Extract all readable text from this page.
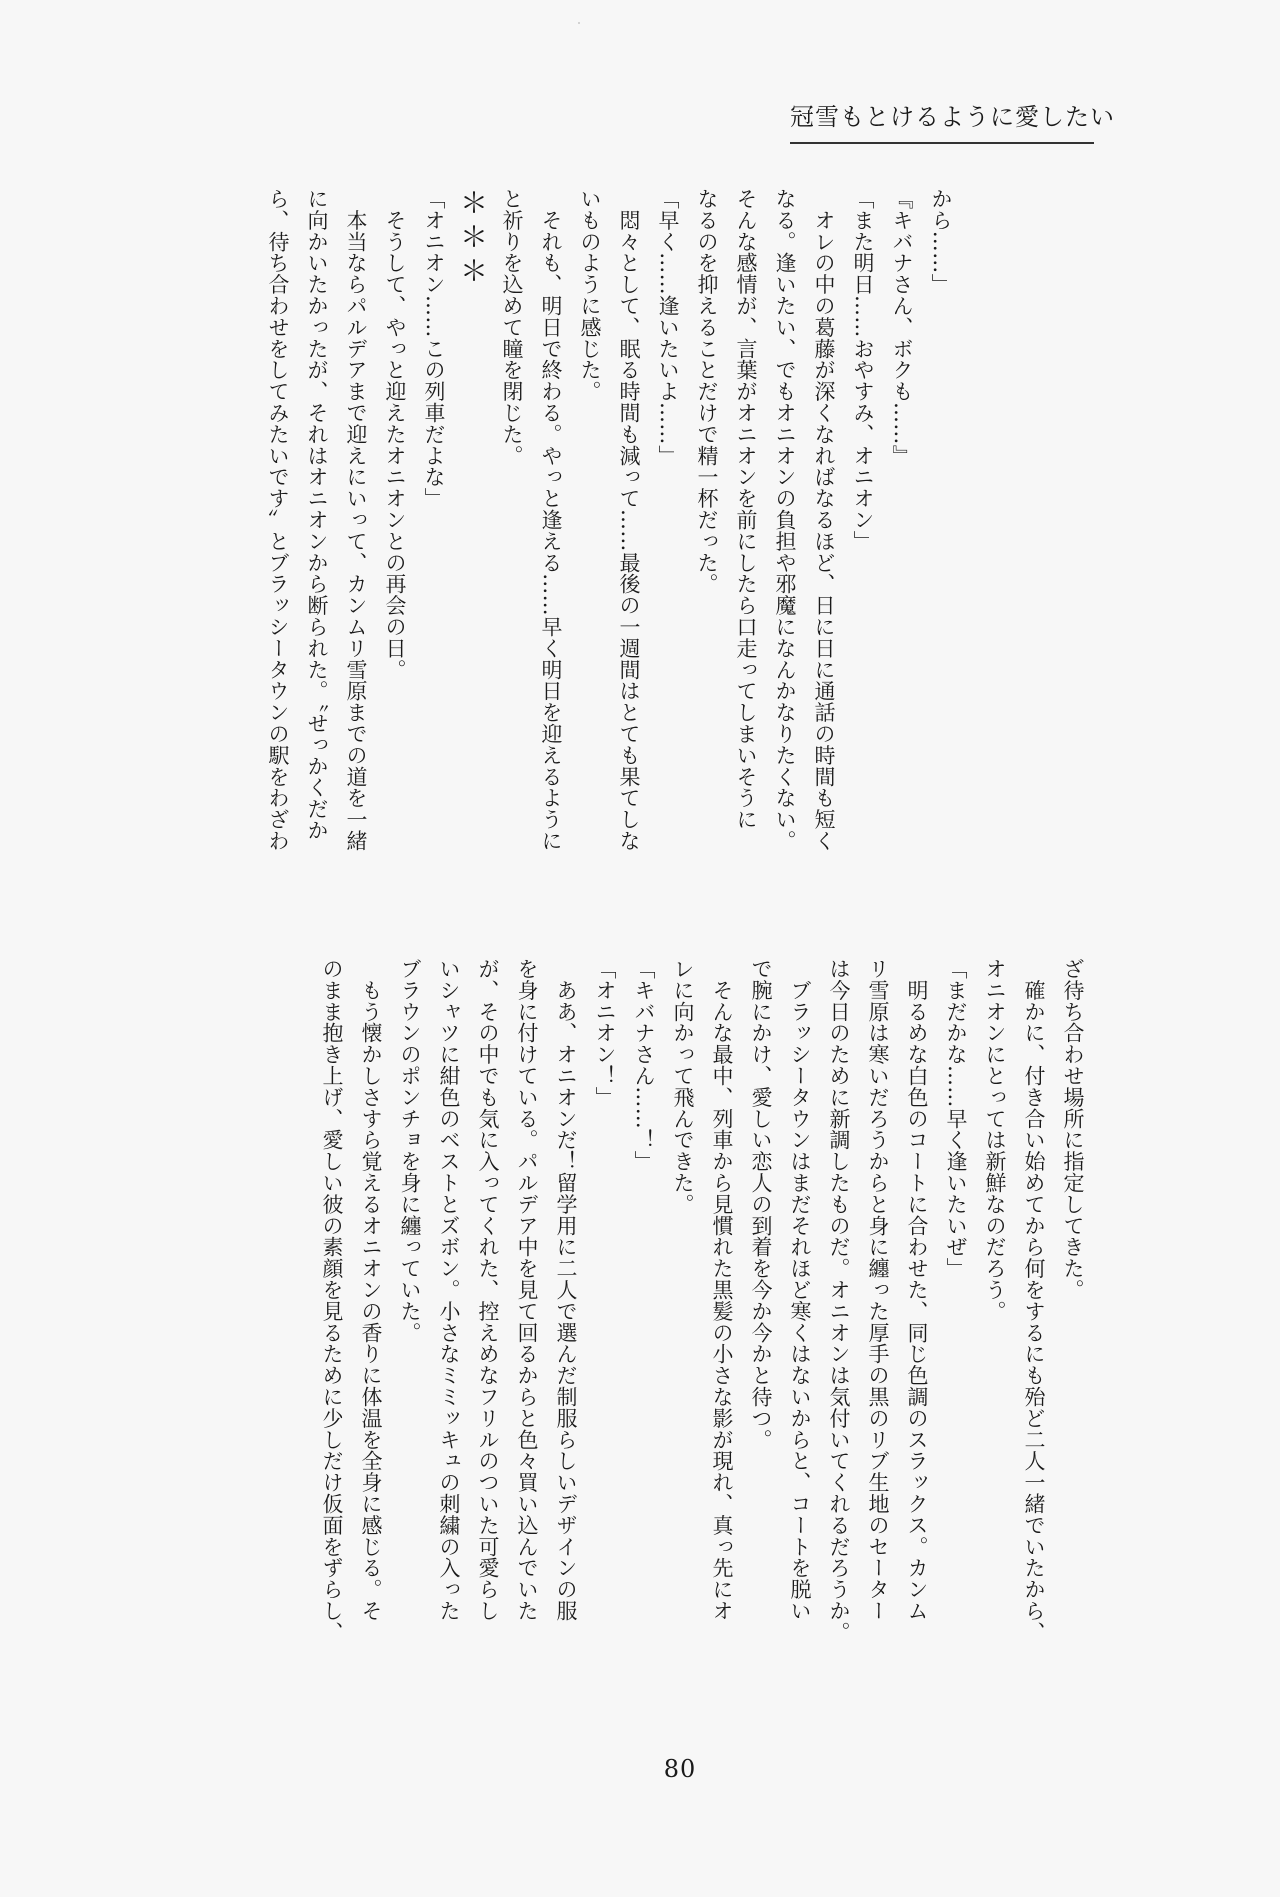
冠雪もとけるように愛したい

から……」

『キバナさん、ボクも……』

「また明日……おやすみ、オニオン」

　オレの中の葛藤が深くなればなるほど、日に日に通話の時間も短く

なる。逢いたい、でもオニオンの負担や邪魔になんかなりたくない。

そんな感情が、言葉がオニオンを前にしたら口走ってしまいそうに

なるのを抑えることだけで精一杯だった。

「早く……逢いたいよ……」

　悶々として、眠る時間も減って……最後の一週間はとても果てしな

いものように感じた。

　それも、明日で終わる。やっと逢える……早く明日を迎えるように

と祈りを込めて瞳を閉じた。

＊＊＊

「オニオン……この列車だよな」

　そうして、やっと迎えたオニオンとの再会の日。

　本当ならパルデアまで迎えにいって、カンムリ雪原までの道を一緒

に向かいたかったが、それはオニオンから断られた。〝せっかくだか

ら、待ち合わせをしてみたいです〟とブラッシータウンの駅をわざわ

ざ待ち合わせ場所に指定してきた。

　確かに、付き合い始めてから何をするにも殆ど二人一緒でいたから、

オニオンにとっては新鮮なのだろう。

「まだかな……早く逢いたいぜ」

　明るめな白色のコートに合わせた、同じ色調のスラックス。カンム

リ雪原は寒いだろうからと身に纏った厚手の黒のリブ生地のセーター

は今日のために新調したものだ。オニオンは気付いてくれるだろうか。

　ブラッシータウンはまだそれほど寒くはないからと、コートを脱い

で腕にかけ、愛しい恋人の到着を今か今かと待つ。

　そんな最中、列車から見慣れた黒髪の小さな影が現れ、真っ先にオ

レに向かって飛んできた。

「キバナさん……！」

「オニオン！」

　ああ、オニオンだ！留学用に二人で選んだ制服らしいデザインの服

を身に付けている。パルデア中を見て回るからと色々買い込んでいた

が、その中でも気に入ってくれた、控えめなフリルのついた可愛らし

いシャツに紺色のベストとズボン。小さなミミッキュの刺繍の入った

ブラウンのポンチョを身に纏っていた。

　もう懐かしさすら覚えるオニオンの香りに体温を全身に感じる。そ

のまま抱き上げ、愛しい彼の素顔を見るために少しだけ仮面をずらし、

80
